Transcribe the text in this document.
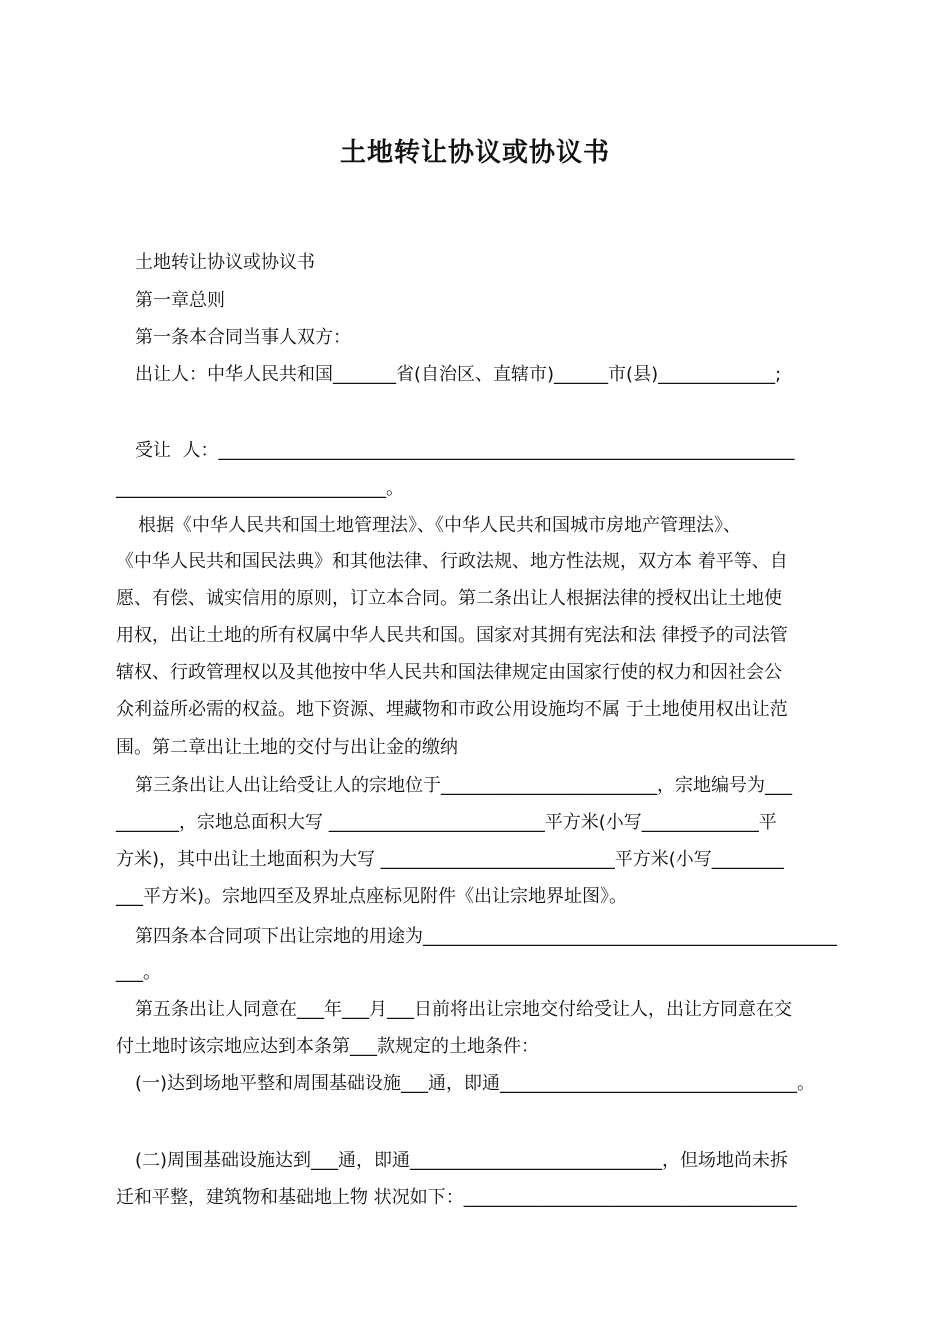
土地转让协议或协议书
土地转让协议或协议书
第一章总则
第一条本合同当事人双方：
出让人：中华人民共和国_______省(自治区、直辖市)______市(县)_____________;
受让  人：________________________________________________________________
______________________________。
根据《中华人民共和国土地管理法》、《中华人民共和国城市房地产管理法》、
《中华人民共和国民法典》和其他法律、行政法规、地方性法规，双方本 着平等、自
愿、有偿、诚实信用的原则，订立本合同。第二条出让人根据法律的授权出让土地使
用权，出让土地的所有权属中华人民共和国。国家对其拥有宪法和法 律授予的司法管
辖权、行政管理权以及其他按中华人民共和国法律规定由国家行使的权力和因社会公
众利益所必需的权益。地下资源、埋藏物和市政公用设施均不属 于土地使用权出让范
围。第二章出让土地的交付与出让金的缴纳
第三条出让人出让给受让人的宗地位于________________________，宗地编号为___
_______，宗地总面积大写 ________________________平方米(小写_____________平
方米)，其中出让土地面积为大写 __________________________平方米(小写________
___平方米)。宗地四至及界址点座标见附件《出让宗地界址图》。
第四条本合同项下出让宗地的用途为______________________________________________
___。
第五条出让人同意在___年___月___日前将出让宗地交付给受让人，出让方同意在交
付土地时该宗地应达到本条第___款规定的土地条件：
(一)达到场地平整和周围基础设施___通，即通_________________________________。
(二)周围基础设施达到___通，即通____________________________，但场地尚未拆
迁和平整，建筑物和基础地上物 状况如下：_____________________________________
